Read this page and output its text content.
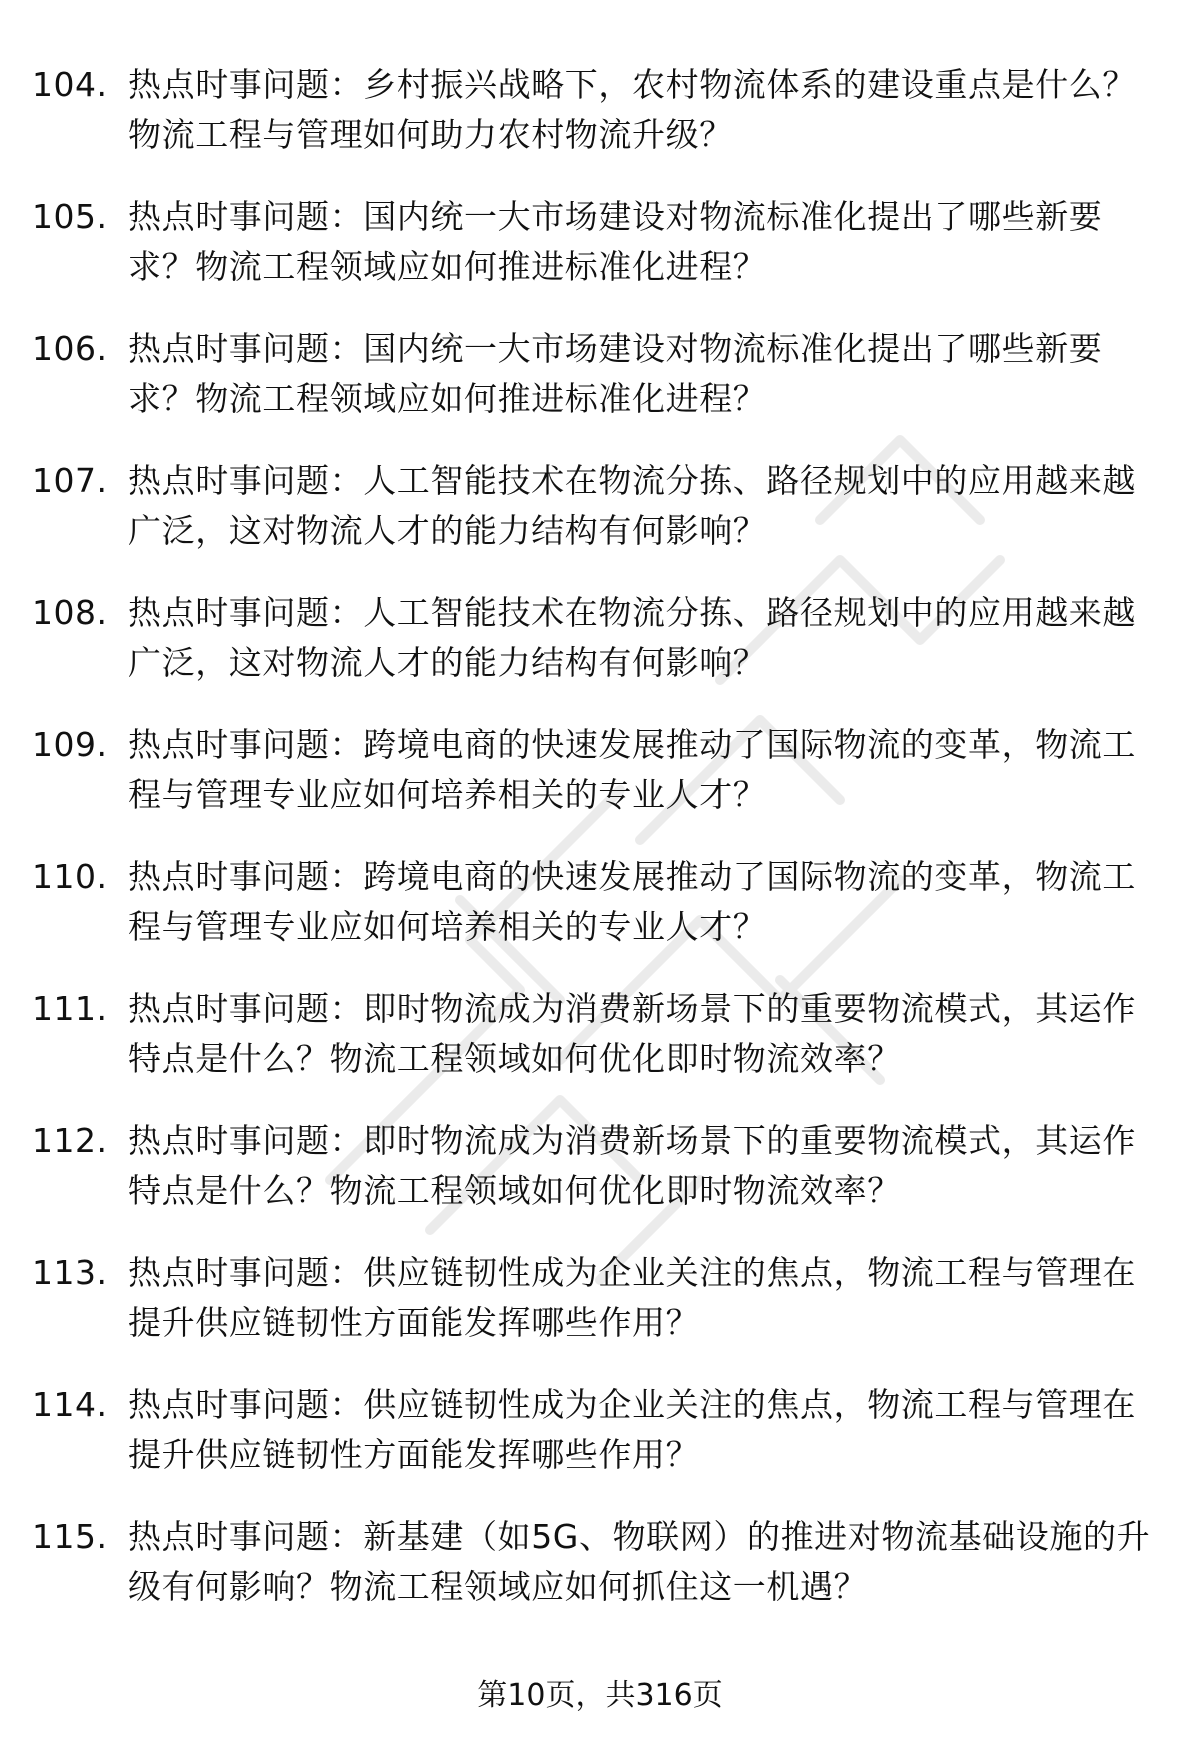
104. 热点时事问题：乡村振兴战略下，农村物流体系的建设重点是什么？物流工程与管理如何助力农村物流升级？
105. 热点时事问题：国内统一大市场建设对物流标准化提出了哪些新要求？物流工程领域应如何推进标准化进程？
106. 热点时事问题：国内统一大市场建设对物流标准化提出了哪些新要求？物流工程领域应如何推进标准化进程？
107. 热点时事问题：人工智能技术在物流分拣、路径规划中的应用越来越广泛，这对物流人才的能力结构有何影响？
108. 热点时事问题：人工智能技术在物流分拣、路径规划中的应用越来越广泛，这对物流人才的能力结构有何影响？
109. 热点时事问题：跨境电商的快速发展推动了国际物流的变革，物流工程与管理专业应如何培养相关的专业人才？
110. 热点时事问题：跨境电商的快速发展推动了国际物流的变革，物流工程与管理专业应如何培养相关的专业人才？
111. 热点时事问题：即时物流成为消费新场景下的重要物流模式，其运作特点是什么？物流工程领域如何优化即时物流效率？
112. 热点时事问题：即时物流成为消费新场景下的重要物流模式，其运作特点是什么？物流工程领域如何优化即时物流效率？
113. 热点时事问题：供应链韧性成为企业关注的焦点，物流工程与管理在提升供应链韧性方面能发挥哪些作用？
114. 热点时事问题：供应链韧性成为企业关注的焦点，物流工程与管理在提升供应链韧性方面能发挥哪些作用？
115. 热点时事问题：新基建（如5G、物联网）的推进对物流基础设施的升级有何影响？物流工程领域应如何抓住这一机遇？
第10页，共316页
